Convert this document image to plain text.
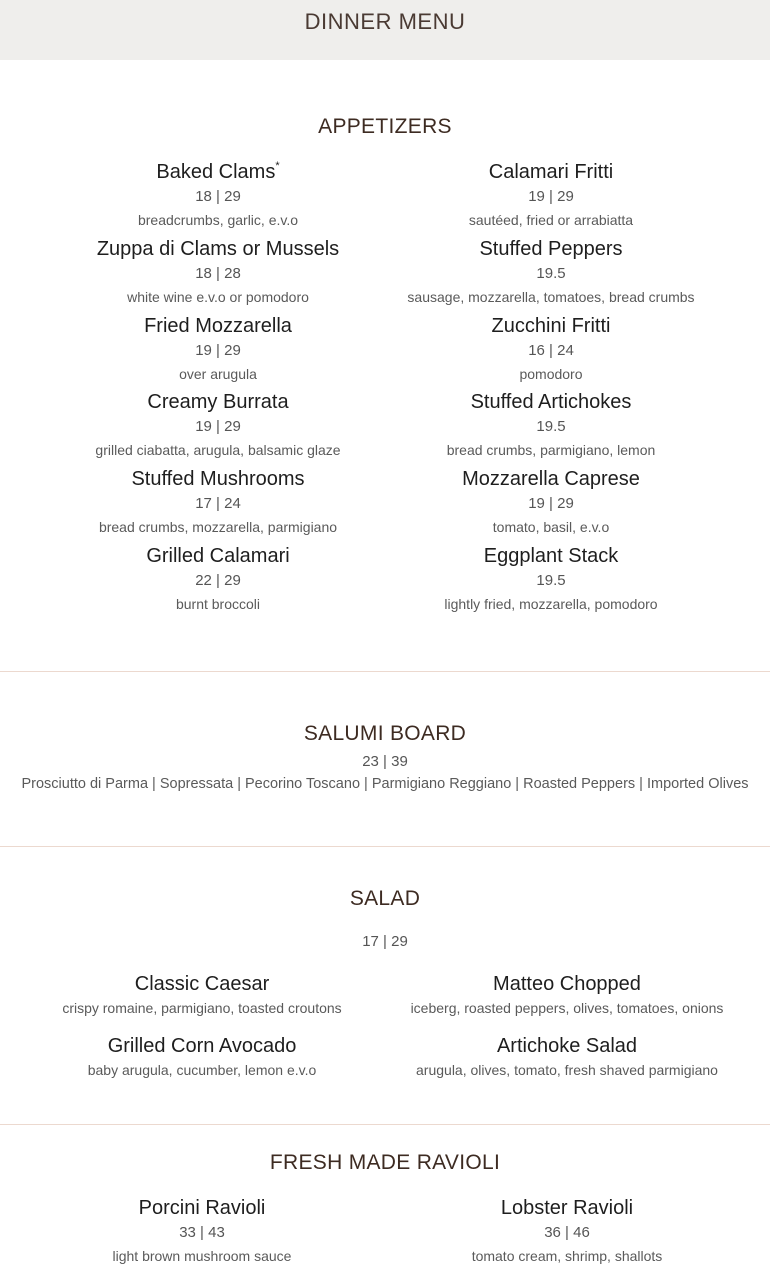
DINNER MENU
APPETIZERS
Baked Clams*
18 | 29
breadcrumbs, garlic, e.v.o
Zuppa di Clams or Mussels
18 | 28
white wine e.v.o or pomodoro
Fried Mozzarella
19 | 29
over arugula
Creamy Burrata
19 | 29
grilled ciabatta, arugula, balsamic glaze
Stuffed Mushrooms
17 | 24
bread crumbs, mozzarella, parmigiano
Grilled Calamari
22 | 29
burnt broccoli
Calamari Fritti
19 | 29
sautéed, fried or arrabiatta
Stuffed Peppers
19.5
sausage, mozzarella, tomatoes, bread crumbs
Zucchini Fritti
16 | 24
pomodoro
Stuffed Artichokes
19.5
bread crumbs, parmigiano, lemon
Mozzarella Caprese
19 | 29
tomato, basil, e.v.o
Eggplant Stack
19.5
lightly fried, mozzarella, pomodoro
SALUMI BOARD
23 | 39
Prosciutto di Parma | Sopressata | Pecorino Toscano | Parmigiano Reggiano | Roasted Peppers | Imported Olives
SALAD
17 | 29
Classic Caesar
crispy romaine, parmigiano, toasted croutons
Matteo Chopped
iceberg, roasted peppers, olives, tomatoes, onions
Grilled Corn Avocado
baby arugula, cucumber, lemon e.v.o
Artichoke Salad
arugula, olives, tomato, fresh shaved parmigiano
FRESH MADE RAVIOLI
Porcini Ravioli
33 | 43
light brown mushroom sauce
Lobster Ravioli
36 | 46
tomato cream, shrimp, shallots
